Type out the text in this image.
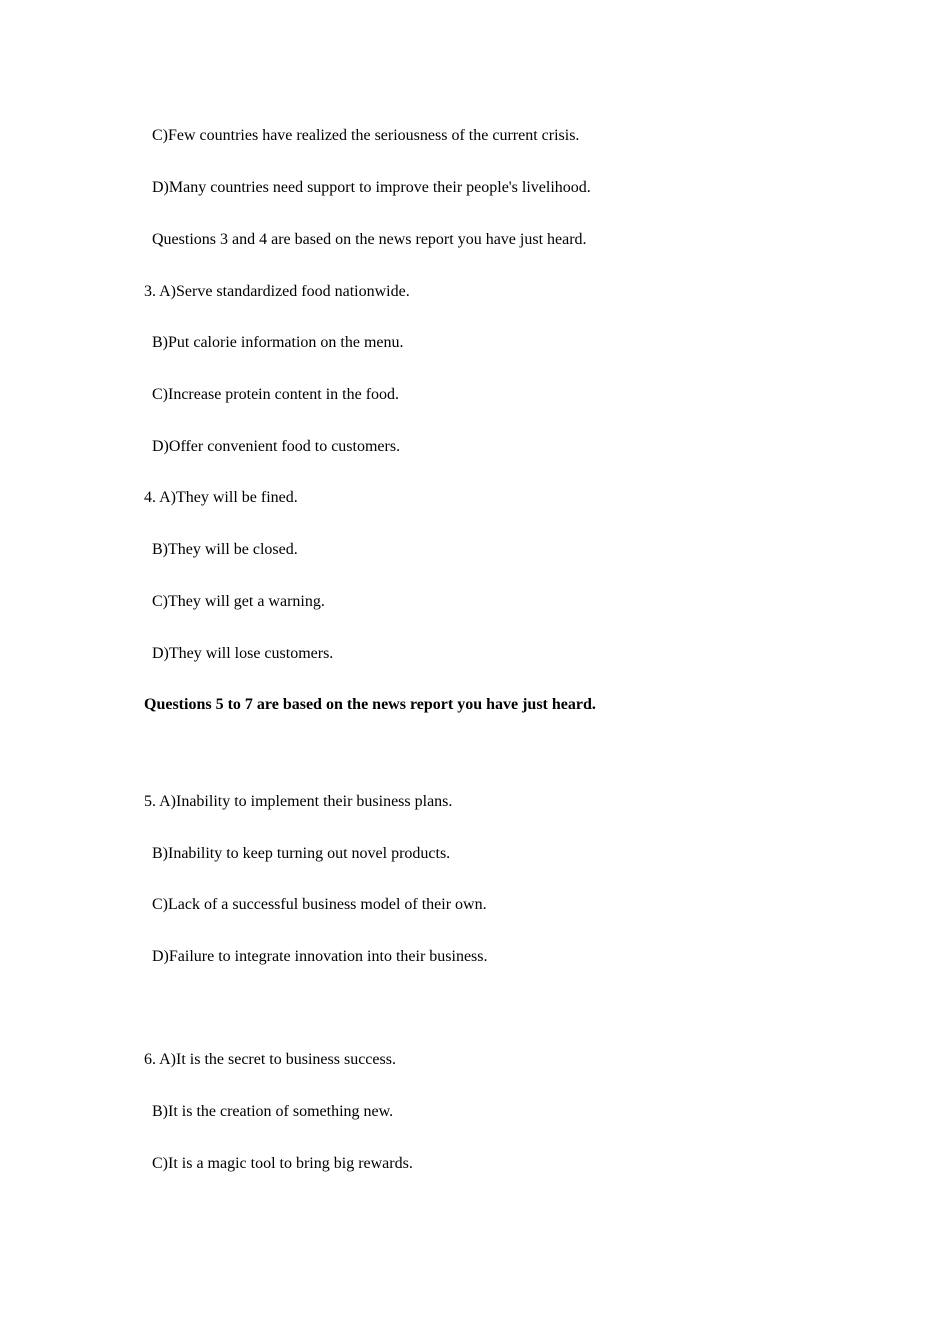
C)Few countries have realized the seriousness of the current crisis.
D)Many countries need support to improve their people's livelihood.
Questions 3 and 4 are based on the news report you have just heard.
3. A)Serve standardized food nationwide.
B)Put calorie information on the menu.
C)Increase protein content in the food.
D)Offer convenient food to customers.
4. A)They will be fined.
B)They will be closed.
C)They will get a warning.
D)They will lose customers.
Questions 5 to 7 are based on the news report you have just heard.
5. A)Inability to implement their business plans.
B)Inability to keep turning out novel products.
C)Lack of a successful business model of their own.
D)Failure to integrate innovation into their business.
6. A)It is the secret to business success.
B)It is the creation of something new.
C)It is a magic tool to bring big rewards.
